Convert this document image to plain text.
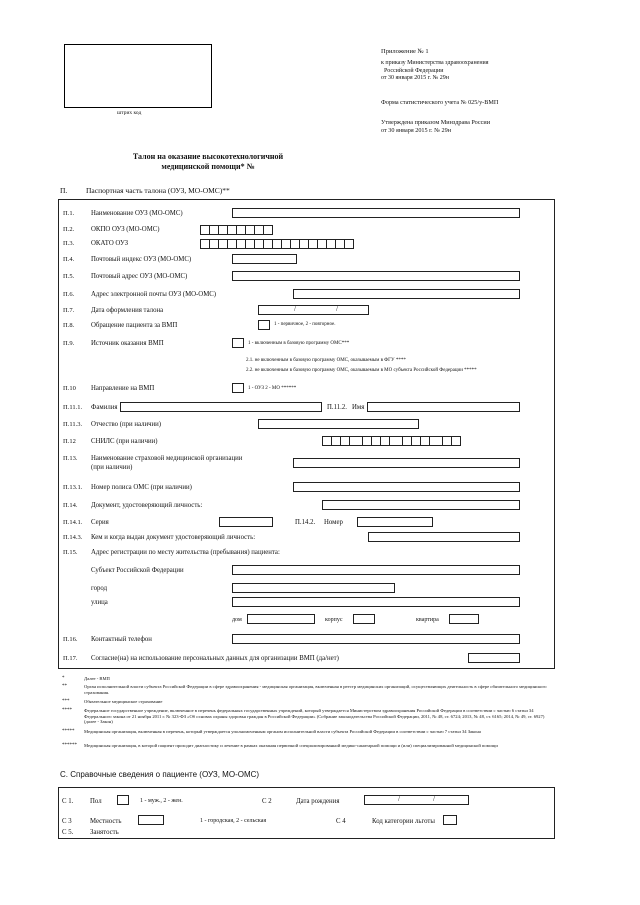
штрих код
Приложение № 1
к приказу Министерства здравоохранения
Российской Федерации
от 30 января 2015 г. № 29н
Форма статистического учета № 025/у-ВМП
Утверждена приказом Минздрава России
от 30 января 2015 г. № 29н
Талон на оказание высокотехнологичной
медицинской помощи* №
П. Паспортная часть талона (ОУЗ, МО-ОМС)**
П.1. Наименование ОУЗ (МО-ОМС)
П.2. ОКПО ОУЗ (МО-ОМС)
П.3. ОКАТО ОУЗ
П.4. Почтовый индекс ОУЗ (МО-ОМС)
П.5. Почтовый адрес ОУЗ (МО-ОМС)
П.6. Адрес электронной почты ОУЗ (МО-ОМС)
П.7. Дата оформления талона	/	/
П.8. Обращение пациента за ВМП	1 - первичное, 2 - повторное.
П.9. Источник оказания ВМП	1 - включенным в базовую программу ОМС***
2.1. не включенным в базовую программу ОМС, оказываемым в ФГУ ****
2.2. не включенным в базовую программу ОМС, оказываемым в МО субъекта Российской Федерации *****
П.10 Направление на ВМП	1 - ОУЗ 2 - МО ******
П.11.1. Фамилия	П.11.2. Имя
П.11.3. Отчество (при наличии)
П.12 СНИЛС (при наличии)
П.13. Наименование страховой медицинской организации
(при наличии)
П.13.1. Номер полиса ОМС (при наличии)
П.14. Документ, удостоверяющий личность:
П.14.1. Серия	П.14.2. Номер
П.14.3. Кем и когда выдан документ удостоверяющий личность:
П.15. Адрес регистрации по месту жительства (пребывания) пациента:
Субъект Российской Федерации
город
улица
дом	корпус	квартира
П.16. Контактный телефон
П.17. Согласие(на) на использование персональных данных для организации ВМП (да/нет)
*	Далее - ВМП
**	Орган исполнительной власти субъекта Российской Федерации в сфере здравоохранения - медицинская организация, включенная в реестр медицинских организаций, осуществляющих деятельность в сфере обязательного медицинского страхования.
***	Обязательное медицинское страхование
****	Федеральное государственное учреждение, включенное в перечень федеральных государственных учреждений, который утверждается Министерством здравоохранения Российской Федерации в соответствии с частью 6 статьи 34 Федерального закона от 21 ноября 2011 г. № 323-ФЗ «Об основах охраны здоровья граждан в Российской Федерации» (Собрание законодательства Российской Федерации, 2011, № 48, ст. 6724; 2013, № 48, ст. 6165; 2014, № 49, ст. 6927) (далее - Закон)
***** Медицинская организация, включенная в перечень, который утверждается уполномоченным органом исполнительной власти субъекта Российской Федерации в соответствии с частью 7 статьи 34 Закона
****** Медицинская организация, в которой пациент проходит диагностику и лечение в рамках оказания первичной специализированной медико-санитарной помощи и (или) специализированной медицинской помощи
С. Справочные сведения о пациенте (ОУЗ, МО-ОМС)
С 1. Пол	1 - муж., 2 - жен.	С 2	Дата рождения	/	/
С 3	Местность	1 - городская, 2 - сельская	С 4	Код категории льготы
С 5. Занятость
